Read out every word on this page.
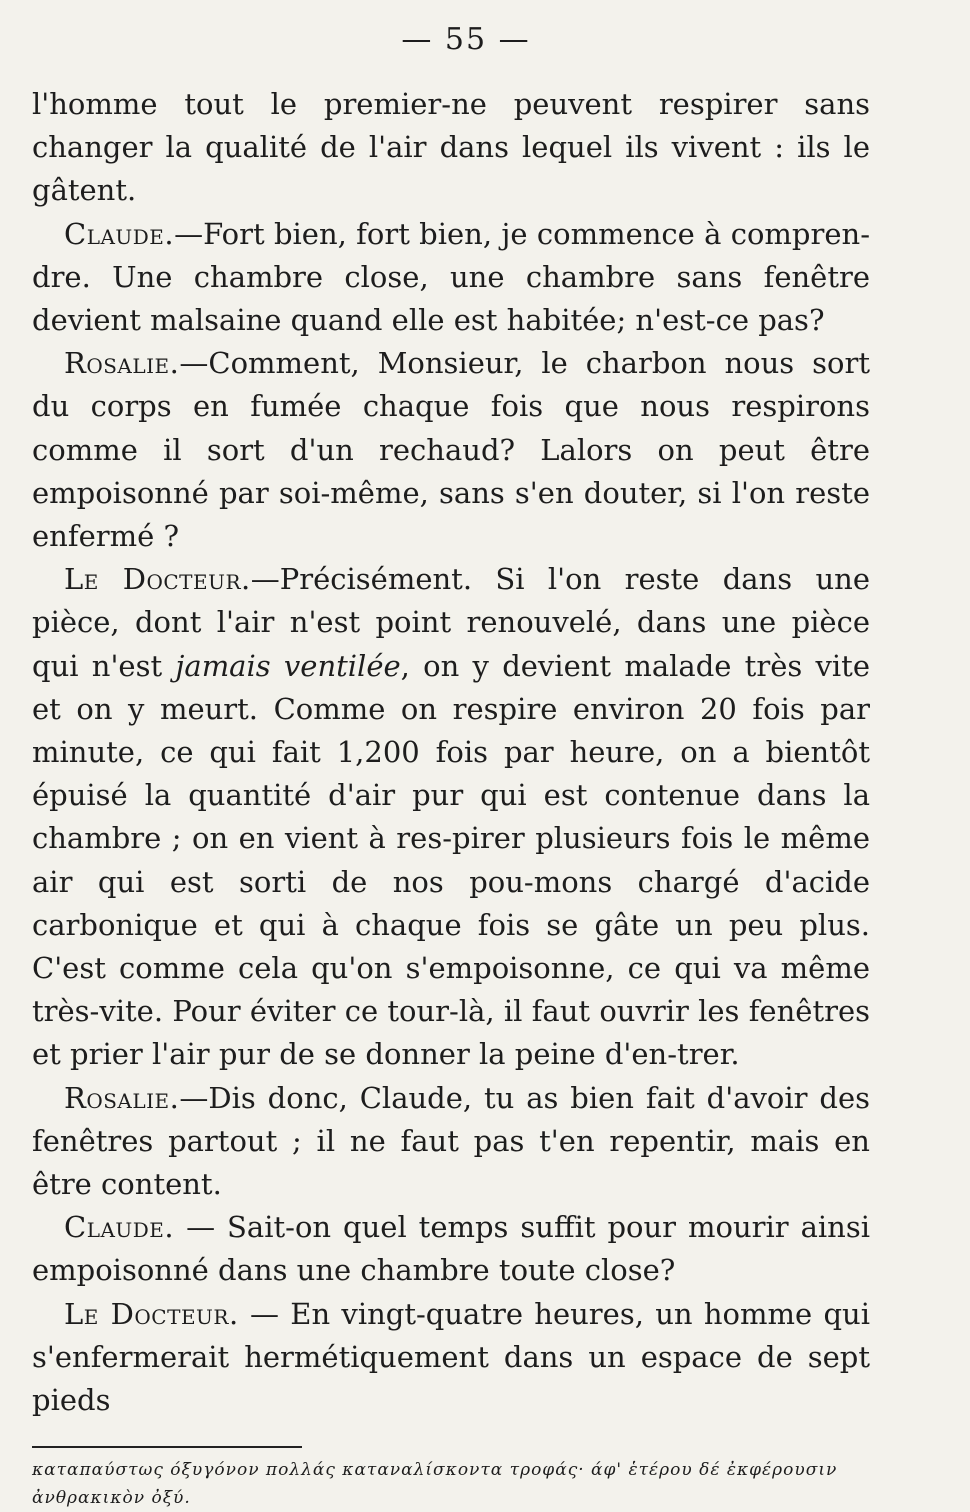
— 55 —

l'homme tout le premier-ne peuvent respirer sans changer la qualité de l'air dans lequel ils vivent : ils le gâtent.

Claude.—Fort bien, fort bien, je commence à compren-dre. Une chambre close, une chambre sans fenêtre devient malsaine quand elle est habitée; n'est-ce pas?

Rosalie.—Comment, Monsieur, le charbon nous sort du corps en fumée chaque fois que nous respirons comme il sort d'un rechaud? Lalors on peut être empoisonné par soi-même, sans s'en douter, si l'on reste enfermé ?

Le Docteur.—Précisément. Si l'on reste dans une pièce, dont l'air n'est point renouvelé, dans une pièce qui n'est jamais ventilée, on y devient malade très vite et on y meurt. Comme on respire environ 20 fois par minute, ce qui fait 1,200 fois par heure, on a bientôt épuisé la quantité d'air pur qui est contenue dans la chambre ; on en vient à res-pirer plusieurs fois le même air qui est sorti de nos pou-mons chargé d'acide carbonique et qui à chaque fois se gâte un peu plus. C'est comme cela qu'on s'empoisonne, ce qui va même très-vite. Pour éviter ce tour-là, il faut ouvrir les fenêtres et prier l'air pur de se donner la peine d'en-trer.

Rosalie.—Dis donc, Claude, tu as bien fait d'avoir des fenêtres partout ; il ne faut pas t'en repentir, mais en être content.

Claude. — Sait-on quel temps suffit pour mourir ainsi empoisonné dans une chambre toute close?

Le Docteur. — En vingt-quatre heures, un homme qui s'enfermerait hermétiquement dans un espace de sept pieds

καταπαύστως όξυγόνον πολλάς καταναλίσκοντα τροφάς· άφ' ἑτέρου δέ ἐκφέρουσιν ἀνθρακικὸν ὀξύ.
